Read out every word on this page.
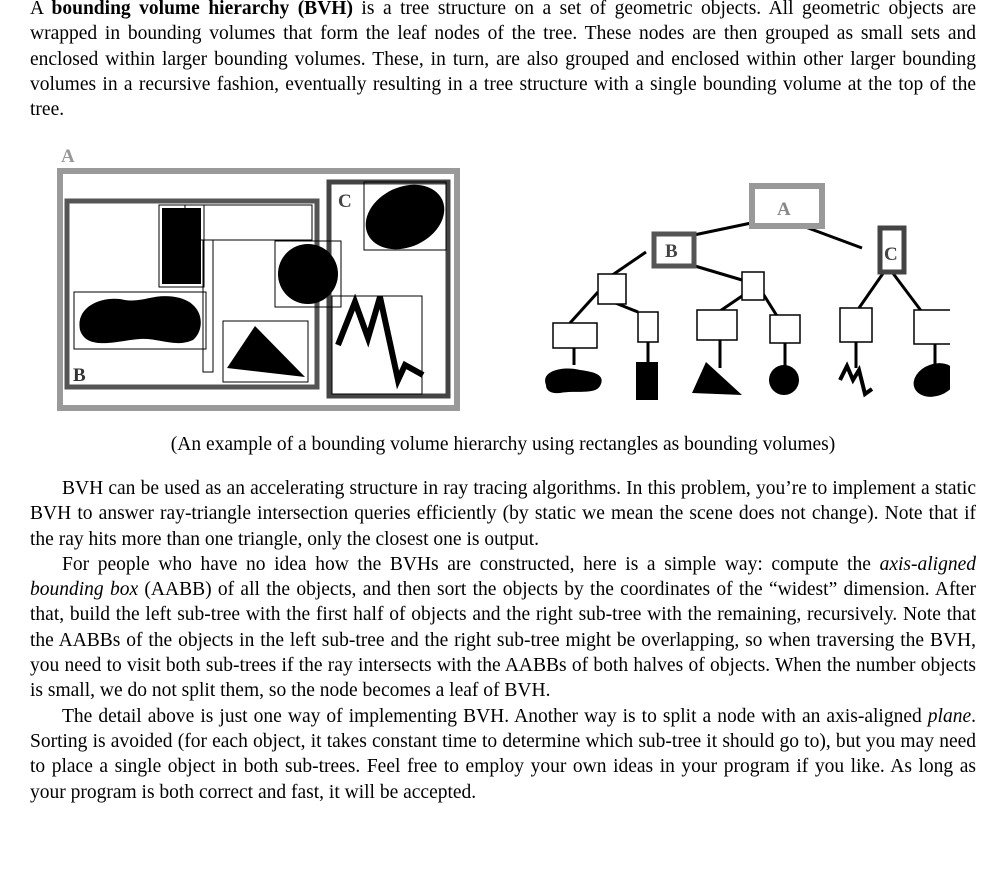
A bounding volume hierarchy (BVH) is a tree structure on a set of geometric objects. All geometric objects are wrapped in bounding volumes that form the leaf nodes of the tree. These nodes are then grouped as small sets and enclosed within larger bounding volumes. These, in turn, are also grouped and enclosed within other larger bounding volumes in a recursive fashion, eventually resulting in a tree structure with a single bounding volume at the top of the tree.

A
B
C	A
B	C
(An example of a bounding volume hierarchy using rectangles as bounding volumes)

BVH can be used as an accelerating structure in ray tracing algorithms. In this problem, you’re to implement a static BVH to answer ray-triangle intersection queries efficiently (by static we mean the scene does not change). Note that if the ray hits more than one triangle, only the closest one is output.

For people who have no idea how the BVHs are constructed, here is a simple way: compute the axis-aligned bounding box (AABB) of all the objects, and then sort the objects by the coordinates of the “widest” dimension. After that, build the left sub-tree with the first half of objects and the right sub-tree with the remaining, recursively. Note that the AABBs of the objects in the left sub-tree and the right sub-tree might be overlapping, so when traversing the BVH, you need to visit both sub-trees if the ray intersects with the AABBs of both halves of objects. When the number objects is small, we do not split them, so the node becomes a leaf of BVH.

The detail above is just one way of implementing BVH. Another way is to split a node with an axis-aligned plane. Sorting is avoided (for each object, it takes constant time to determine which sub-tree it should go to), but you may need to place a single object in both sub-trees. Feel free to employ your own ideas in your program if you like. As long as your program is both correct and fast, it will be accepted.
